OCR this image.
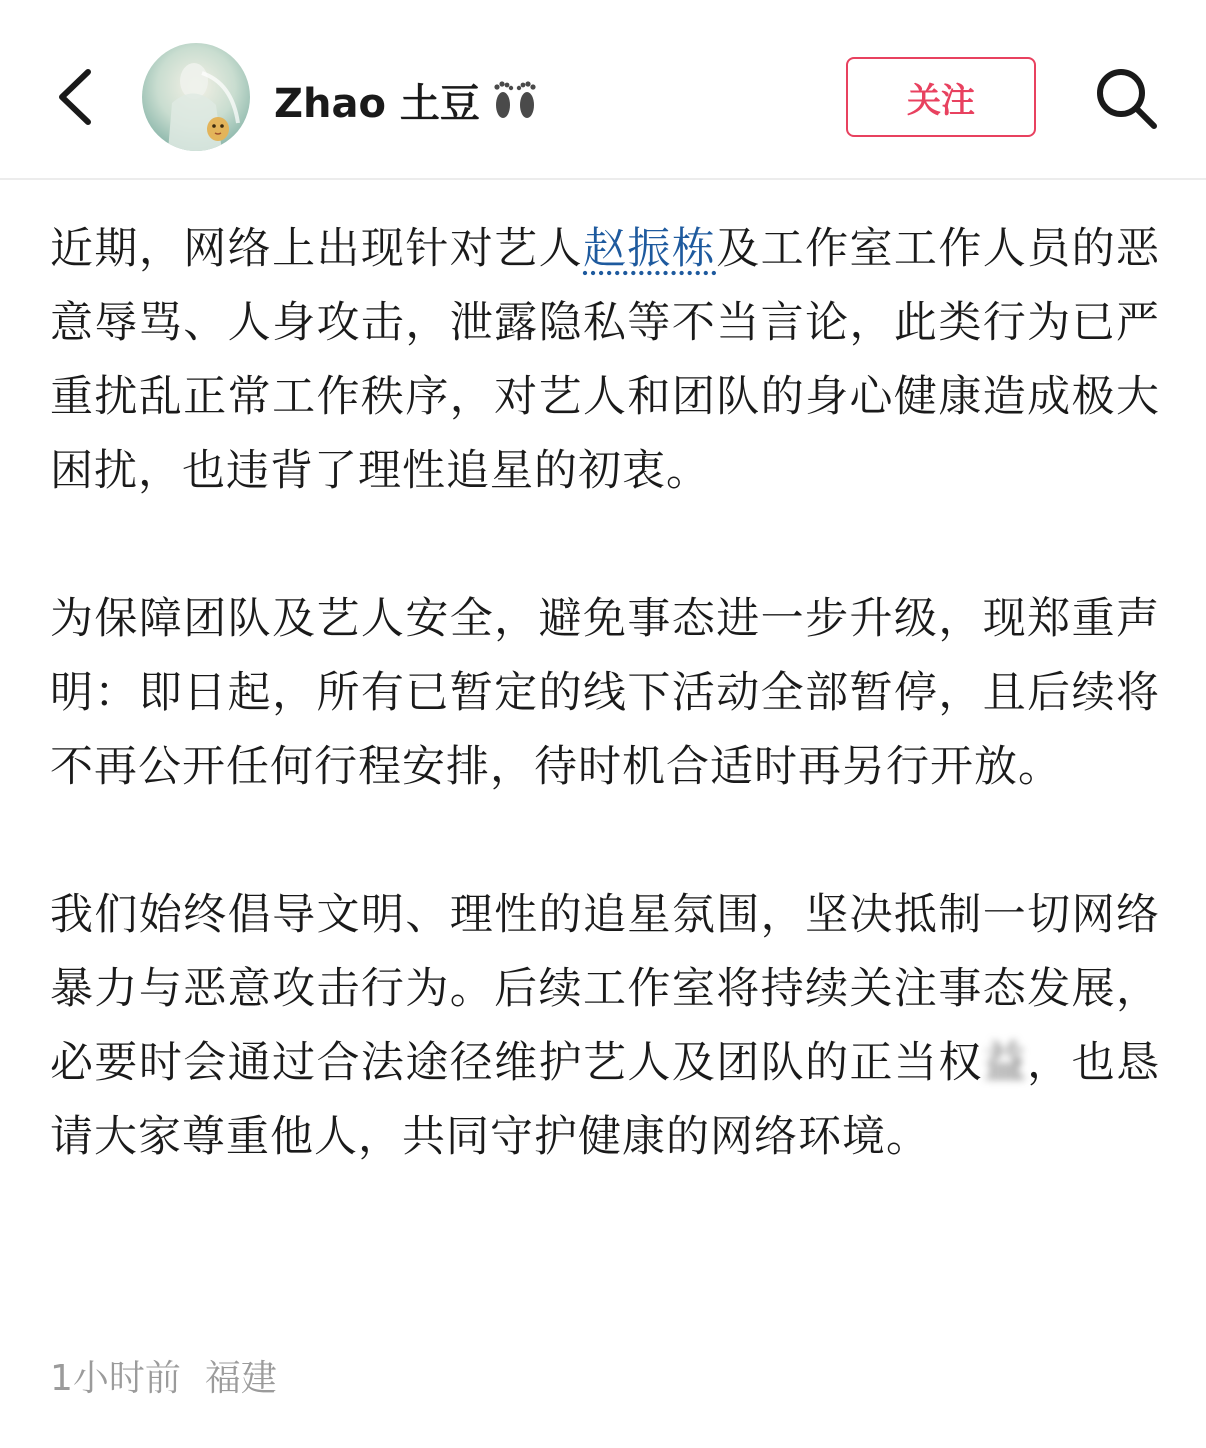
Zhao 土豆	关注

近期，网络上出现针对艺人赵振栋及工作室工作人员的恶意辱骂、人身攻击，泄露隐私等不当言论，此类行为已严重扰乱正常工作秩序，对艺人和团队的身心健康造成极大困扰，也违背了理性追星的初衷。

为保障团队及艺人安全，避免事态进一步升级，现郑重声明：即日起，所有已暂定的线下活动全部暂停，且后续将不再公开任何行程安排，待时机合适时再另行开放。

我们始终倡导文明、理性的追星氛围，坚决抵制一切网络暴力与恶意攻击行为。后续工作室将持续关注事态发展，必要时会通过合法途径维护艺人及团队的正当权益，也恳请大家尊重他人，共同守护健康的网络环境。

1小时前 福建
